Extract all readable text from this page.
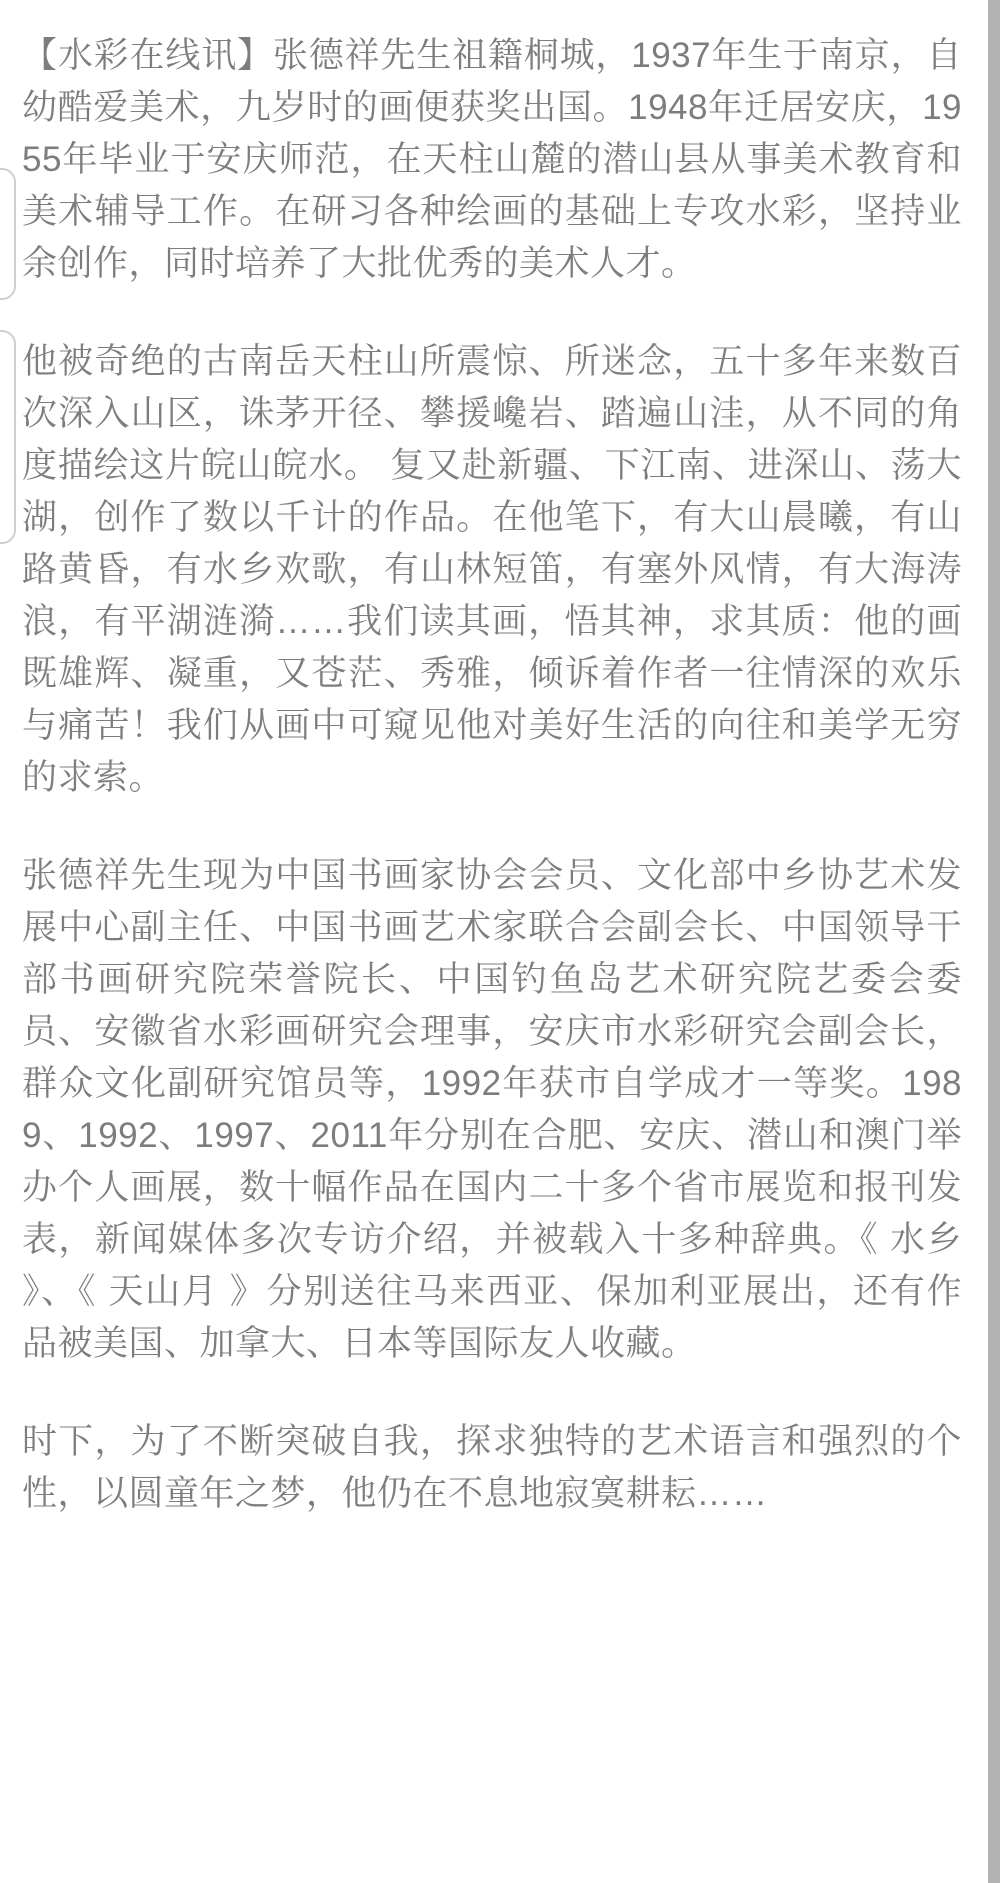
【水彩在线讯】张德祥先生祖籍桐城，1937年生于南京，自幼酷爱美术，九岁时的画便获奖出国。1948年迁居安庆，1955年毕业于安庆师范，在天柱山麓的潜山县从事美术教育和美术辅导工作。在研习各种绘画的基础上专攻水彩，坚持业余创作，同时培养了大批优秀的美术人才。

他被奇绝的古南岳天柱山所震惊、所迷念，五十多年来数百次深入山区，诛茅开径、攀援巉岩、踏遍山洼，从不同的角度描绘这片皖山皖水。 复又赴新疆、下江南、进深山、荡大湖，创作了数以千计的作品。在他笔下，有大山晨曦，有山路黄昏，有水乡欢歌，有山林短笛，有塞外风情，有大海涛浪，有平湖涟漪……我们读其画，悟其神，求其质：他的画既雄辉、凝重，又苍茫、秀雅，倾诉着作者一往情深的欢乐与痛苦！我们从画中可窥见他对美好生活的向往和美学无穷的求索。

张德祥先生现为中国书画家协会会员、文化部中乡协艺术发展中心副主任、中国书画艺术家联合会副会长、中国领导干部书画研究院荣誉院长、中国钓鱼岛艺术研究院艺委会委员、安徽省水彩画研究会理事，安庆市水彩研究会副会长，群众文化副研究馆员等，1992年获市自学成才一等奖。1989、1992、1997、2011年分别在合肥、安庆、潜山和澳门举办个人画展，数十幅作品在国内二十多个省市展览和报刊发表，新闻媒体多次专访介绍，并被载入十多种辞典。《 水乡 》、《 天山月 》分别送往马来西亚、保加利亚展出，还有作品被美国、加拿大、日本等国际友人收藏。

时下，为了不断突破自我，探求独特的艺术语言和强烈的个性，以圆童年之梦，他仍在不息地寂寞耕耘……
